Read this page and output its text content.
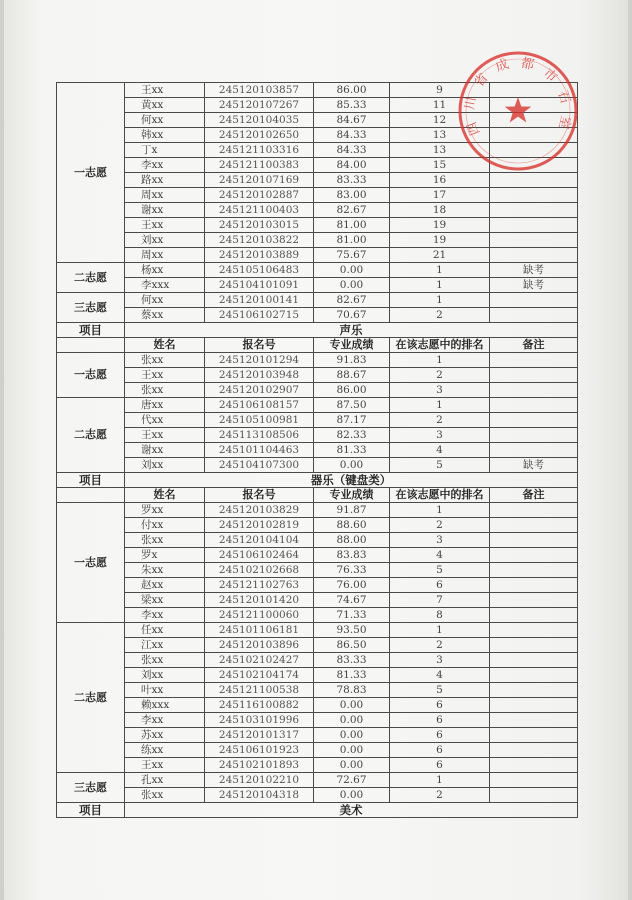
一志愿	王xx	245120103857	86.00	9	
	黄xx	245120107267	85.33	11	
	何xx	245120104035	84.67	12	
	韩xx	245120102650	84.33	13	
	丁x	245121103316	84.33	13	
	李xx	245121100383	84.00	15	
	路xx	245120107169	83.33	16	
	周xx	245120102887	83.00	17	
	谢xx	245121100403	82.67	18	
	王xx	245120103015	81.00	19	
	刘xx	245120103822	81.00	19	
	周xx	245120103889	75.67	21	
二志愿	杨xx	245105106483	0.00	1	缺考
	李xxx	245104101091	0.00	1	缺考
三志愿	何xx	245120100141	82.67	1	
	蔡xx	245106102715	70.67	2	
项目	声乐				
	姓名	报名号	专业成绩	在该志愿中的排名	备注
一志愿	张xx	245120101294	91.83	1	
	王xx	245120103948	88.67	2	
	张xx	245120102907	86.00	3	
二志愿	唐xx	245106108157	87.50	1	
	代xx	245105100981	87.17	2	
	王xx	245113108506	82.33	3	
	谢xx	245101104463	81.33	4	
	刘xx	245104107300	0.00	5	缺考
项目	器乐（键盘类）				
	姓名	报名号	专业成绩	在该志愿中的排名	备注
一志愿	罗xx	245120103829	91.87	1	
	付xx	245120102819	88.60	2	
	张xx	245120104104	88.00	3	
	罗x	245106102464	83.83	4	
	朱xx	245102102668	76.33	5	
	赵xx	245121102763	76.00	6	
	梁xx	245120101420	74.67	7	
	李xx	245121100060	71.33	8	
二志愿	任xx	245101106181	93.50	1	
	江xx	245120103896	86.50	2	
	张xx	245102102427	83.33	3	
	刘xx	245102104174	81.33	4	
	叶xx	245121100538	78.83	5	
	赖xxx	245116100882	0.00	6	
	李xx	245103101996	0.00	6	
	苏xx	245120101317	0.00	6	
	练xx	245106101923	0.00	6	
	王xx	245102101893	0.00	6	
三志愿	孔xx	245120102210	72.67	1	
	张xx	245120104318	0.00	2	
项目	美术				
四川省成都市石室
